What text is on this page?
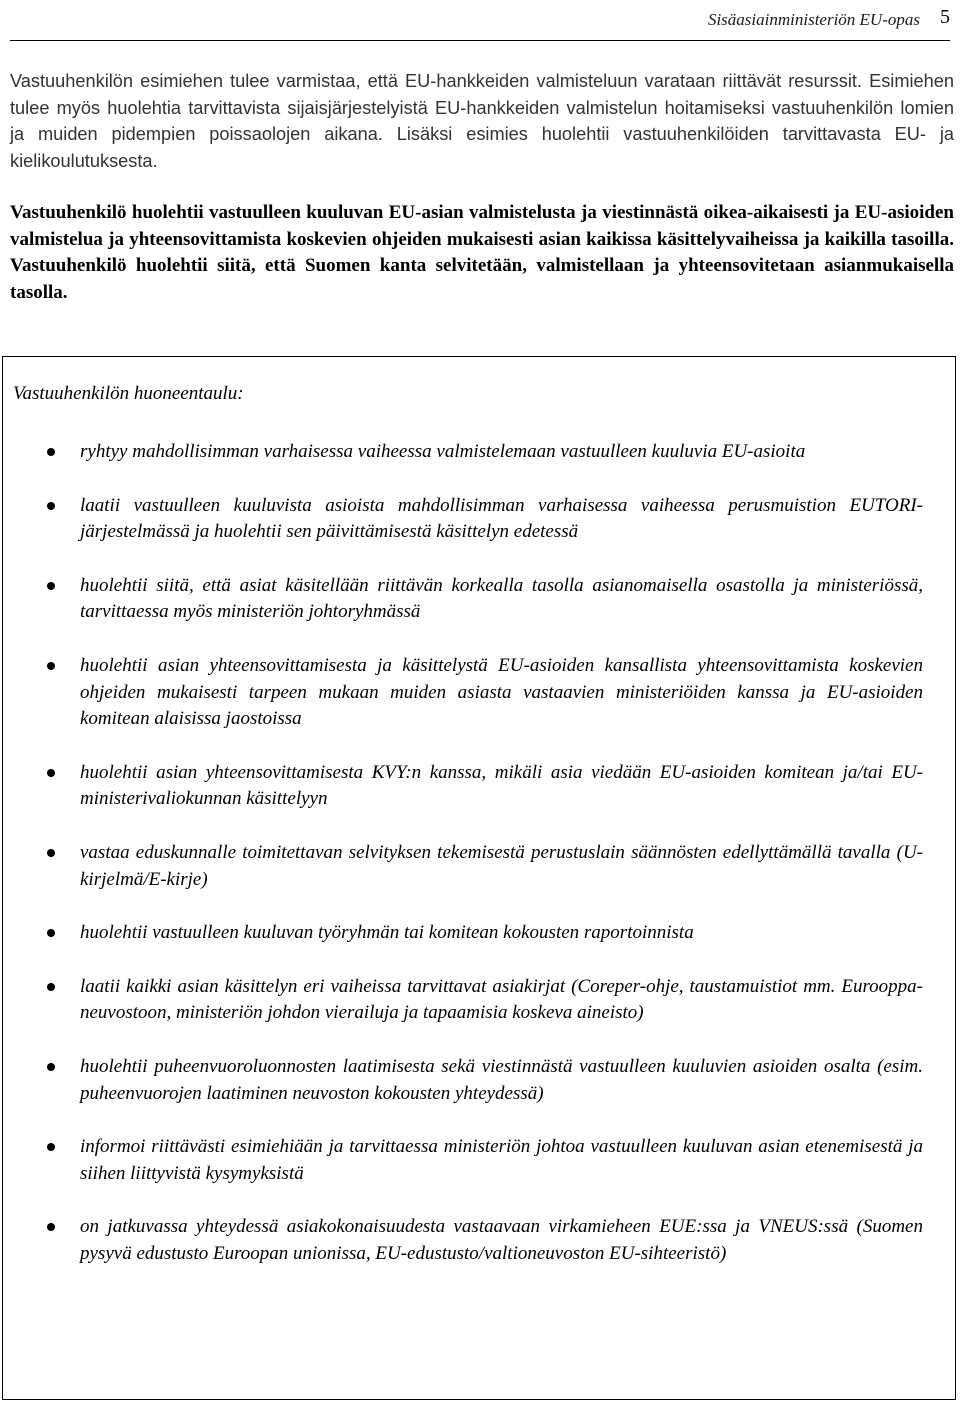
Sisäasiainministeriön EU-opas 5

Vastuuhenkilön esimiehen tulee varmistaa, että EU-hankkeiden valmisteluun varataan riittävät resurssit. Esimiehen tulee myös huolehtia tarvittavista sijaisjärjestelyistä EU-hankkeiden valmistelun hoitamiseksi vastuuhenkilön lomien ja muiden pidempien poissaolojen aikana. Lisäksi esimies huolehtii vastuuhenkilöiden tarvittavasta EU- ja kielikoulutuksesta.

Vastuuhenkilö huolehtii vastuulleen kuuluvan EU-asian valmistelusta ja viestinnästä oikea-aikaisesti ja EU-asioiden valmistelua ja yhteensovittamista koskevien ohjeiden mukaisesti asian kaikissa käsittelyvaiheissa ja kaikilla tasoilla. Vastuuhenkilö huolehtii siitä, että Suomen kanta selvitetään, valmistellaan ja yhteensovitetaan asianmukaisella tasolla.

Vastuuhenkilön huoneentaulu:

ryhtyy mahdollisimman varhaisessa vaiheessa valmistelemaan vastuulleen kuuluvia EU-asioita
laatii vastuulleen kuuluvista asioista mahdollisimman varhaisessa vaiheessa perusmuistion EUTORI-järjestelmässä ja huolehtii sen päivittämisestä käsittelyn edetessä
huolehtii siitä, että asiat käsitellään riittävän korkealla tasolla asianomaisella osastolla ja ministeriössä, tarvittaessa myös ministeriön johtoryhmässä
huolehtii asian yhteensovittamisesta ja käsittelystä EU-asioiden kansallista yhteensovittamista koskevien ohjeiden mukaisesti tarpeen mukaan muiden asiasta vastaavien ministeriöiden kanssa ja EU-asioiden komitean alaisissa jaostoissa
huolehtii asian yhteensovittamisesta KVY:n kanssa, mikäli asia viedään EU-asioiden komitean ja/tai EU-ministerivaliokunnan käsittelyyn
vastaa eduskunnalle toimitettavan selvityksen tekemisestä perustuslain säännösten edellyttämällä tavalla (U-kirjelmä/E-kirje)
huolehtii vastuulleen kuuluvan työryhmän tai komitean kokousten raportoinnista
laatii kaikki asian käsittelyn eri vaiheissa tarvittavat asiakirjat (Coreper-ohje, taustamuistiot mm. Eurooppa-neuvostoon, ministeriön johdon vierailuja ja tapaamisia koskeva aineisto)
huolehtii puheenvuoroluonnosten laatimisesta sekä viestinnästä vastuulleen kuuluvien asioiden osalta (esim. puheenvuorojen laatiminen neuvoston kokousten yhteydessä)
informoi riittävästi esimiehiään ja tarvittaessa ministeriön johtoa vastuulleen kuuluvan asian etenemisestä ja siihen liittyvistä kysymyksistä
on jatkuvassa yhteydessä asiakokonaisuudesta vastaavaan virkamieheen EUE:ssa ja VNEUS:ssä (Suomen pysyvä edustusto Euroopan unionissa, EU-edustusto/valtioneuvoston EU-sihteeristö)
